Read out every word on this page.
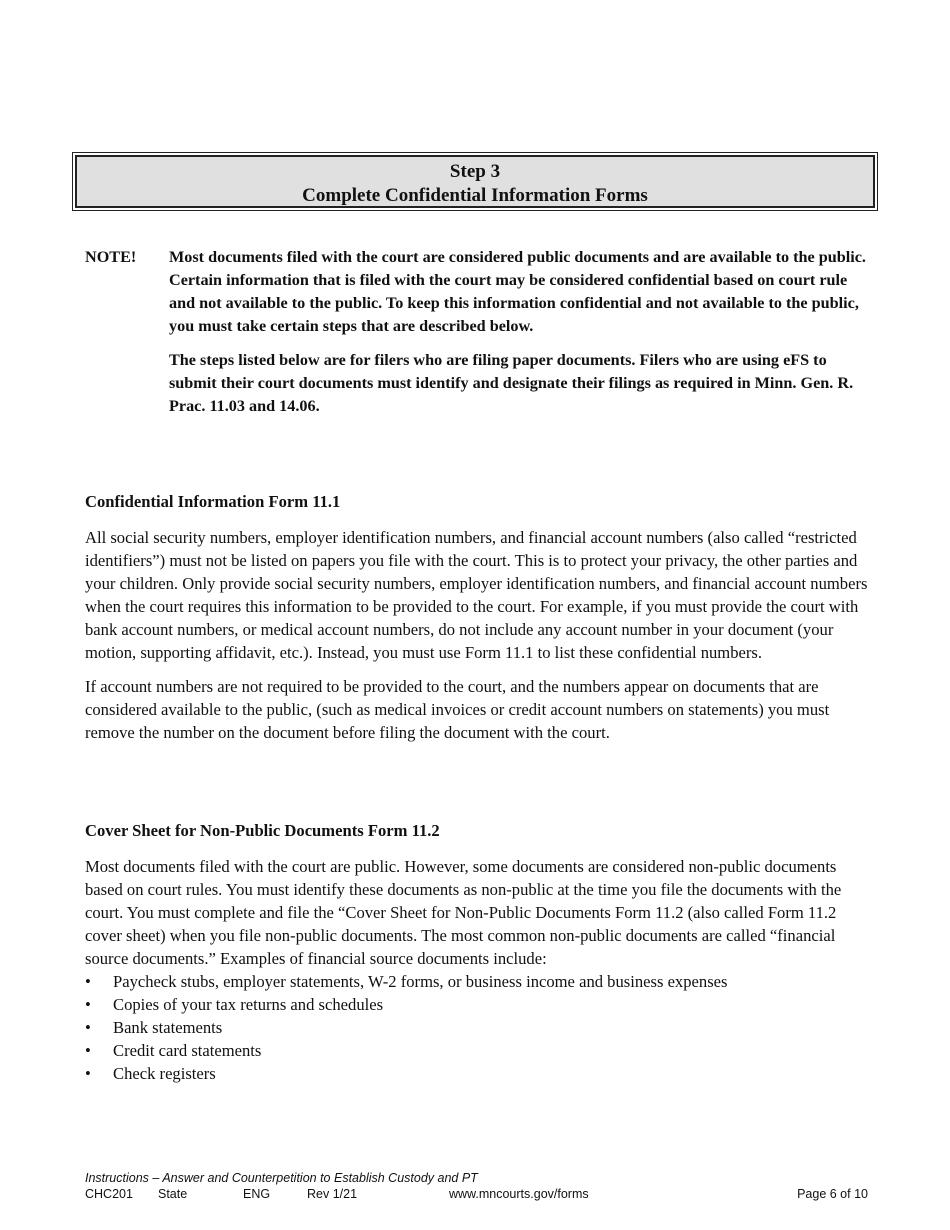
Step 3
Complete Confidential Information Forms
NOTE! Most documents filed with the court are considered public documents and are available to the public. Certain information that is filed with the court may be considered confidential based on court rule and not available to the public. To keep this information confidential and not available to the public, you must take certain steps that are described below.

The steps listed below are for filers who are filing paper documents. Filers who are using eFS to submit their court documents must identify and designate their filings as required in Minn. Gen. R. Prac. 11.03 and 14.06.

Confidential Information Form 11.1

All social security numbers, employer identification numbers, and financial account numbers (also called “restricted identifiers”) must not be listed on papers you file with the court. This is to protect your privacy, the other parties and your children. Only provide social security numbers, employer identification numbers, and financial account numbers when the court requires this information to be provided to the court. For example, if you must provide the court with bank account numbers, or medical account numbers, do not include any account number in your document (your motion, supporting affidavit, etc.). Instead, you must use Form 11.1 to list these confidential numbers.

If account numbers are not required to be provided to the court, and the numbers appear on documents that are considered available to the public, (such as medical invoices or credit account numbers on statements) you must remove the number on the document before filing the document with the court.

Cover Sheet for Non-Public Documents Form 11.2

Most documents filed with the court are public. However, some documents are considered non-public documents based on court rules. You must identify these documents as non-public at the time you file the documents with the court. You must complete and file the “Cover Sheet for Non-Public Documents Form 11.2 (also called Form 11.2 cover sheet) when you file non-public documents. The most common non-public documents are called “financial source documents.” Examples of financial source documents include:

• Paycheck stubs, employer statements, W-2 forms, or business income and business expenses
• Copies of your tax returns and schedules
• Bank statements
• Credit card statements
• Check registers
Instructions – Answer and Counterpetition to Establish Custody and PT
CHC201 State	ENG	Rev 1/21	www.mncourts.gov/forms	Page 6 of 10
